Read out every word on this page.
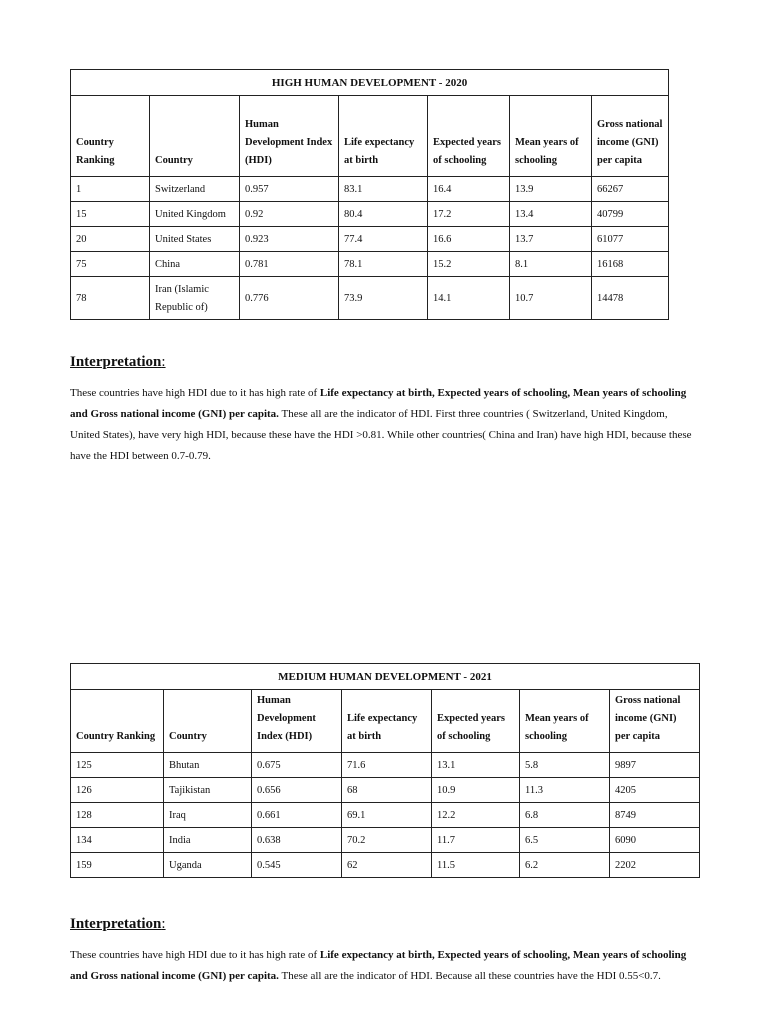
HIGH HUMAN DEVELOPMENT - 2020						
Country Ranking	Country	Human Development Index (HDI)	Life expectancy at birth	Expected years of schooling	Mean years of schooling	Gross national income (GNI) per capita
1	Switzerland	0.957	83.1	16.4	13.9	66267
15	United Kingdom	0.92	80.4	17.2	13.4	40799
20	United States	0.923	77.4	16.6	13.7	61077
75	China	0.781	78.1	15.2	8.1	16168
78	Iran (Islamic Republic of)	0.776	73.9	14.1	10.7	14478
Interpretation:
These countries have high HDI due to it has high rate of Life expectancy at birth, Expected years of schooling, Mean years of schooling and Gross national income (GNI) per capita. These all are the indicator of HDI. First three countries ( Switzerland, United Kingdom, United States), have very high HDI, because these have the HDI >0.81. While other countries( China and Iran) have high HDI, because these have the HDI between 0.7-0.79.
MEDIUM HUMAN DEVELOPMENT - 2021						
Country Ranking	Country	Human Development Index (HDI)	Life expectancy at birth	Expected years of schooling	Mean years of schooling	Gross national income (GNI) per capita
125	Bhutan	0.675	71.6	13.1	5.8	9897
126	Tajikistan	0.656	68	10.9	11.3	4205
128	Iraq	0.661	69.1	12.2	6.8	8749
134	India	0.638	70.2	11.7	6.5	6090
159	Uganda	0.545	62	11.5	6.2	2202
Interpretation:
These countries have high HDI due to it has high rate of Life expectancy at birth, Expected years of schooling, Mean years of schooling and Gross national income (GNI) per capita. These all are the indicator of HDI. Because all these countries have the HDI 0.55<0.7.
